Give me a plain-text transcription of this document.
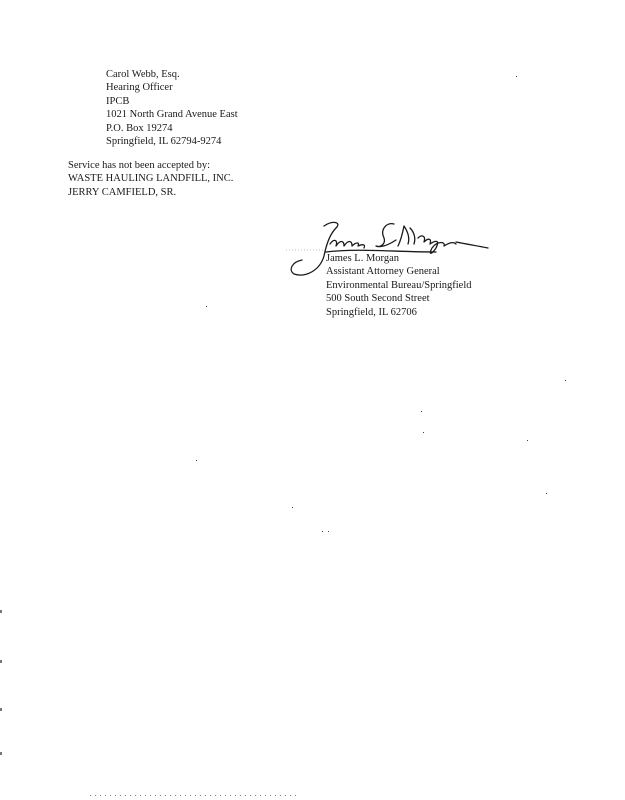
Carol Webb, Esq.
Hearing Officer
IPCB
1021 North Grand Avenue East
P.O. Box 19274
Springfield, IL 62794-9274
Service has not been accepted by:
WASTE HAULING LANDFILL, INC.
JERRY CAMFIELD, SR.
James L. Morgan
Assistant Attorney General
Environmental Bureau/Springfield
500 South Second Street
Springfield, IL 62706
